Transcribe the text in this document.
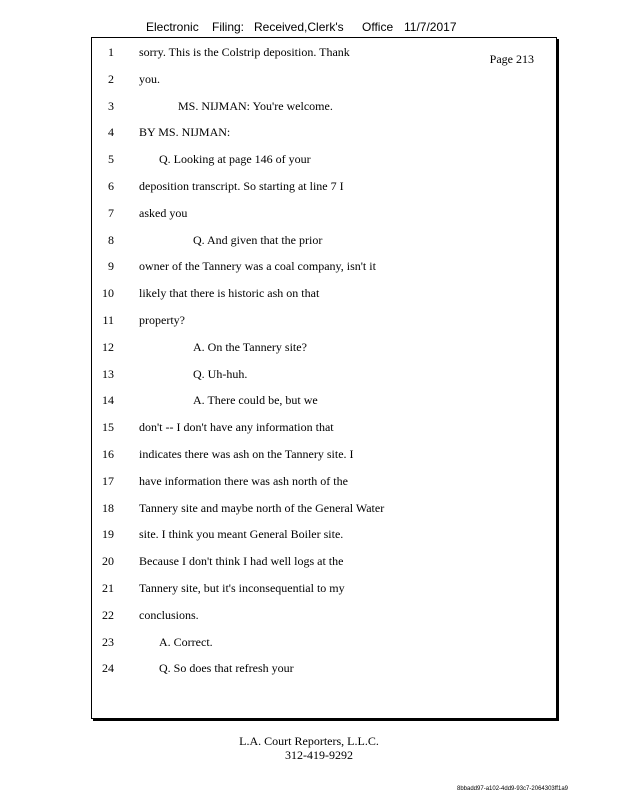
Electronic Filing: Received,Clerk's Office 11/7/2017
Page 213
1 sorry. This is the Colstrip deposition. Thank
2 you.
3	MS. NIJMAN: You're welcome.
4 BY MS. NIJMAN:
5	Q. Looking at page 146 of your
6 deposition transcript. So starting at line 7 I
7 asked you
8	Q. And given that the prior
9 owner of the Tannery was a coal company, isn't it
10 likely that there is historic ash on that
11 property?
12	A. On the Tannery site?
13	Q. Uh-huh.
14	A. There could be, but we
15 don't -- I don't have any information that
16 indicates there was ash on the Tannery site. I
17 have information there was ash north of the
18 Tannery site and maybe north of the General Water
19 site. I think you meant General Boiler site.
20 Because I don't think I had well logs at the
21 Tannery site, but it's inconsequential to my
22 conclusions.
23	A. Correct.
24	Q. So does that refresh your
L.A. Court Reporters, L.L.C.
312-419-9292
8bbadd97-a102-4dd9-93c7-2064303ff1a9
